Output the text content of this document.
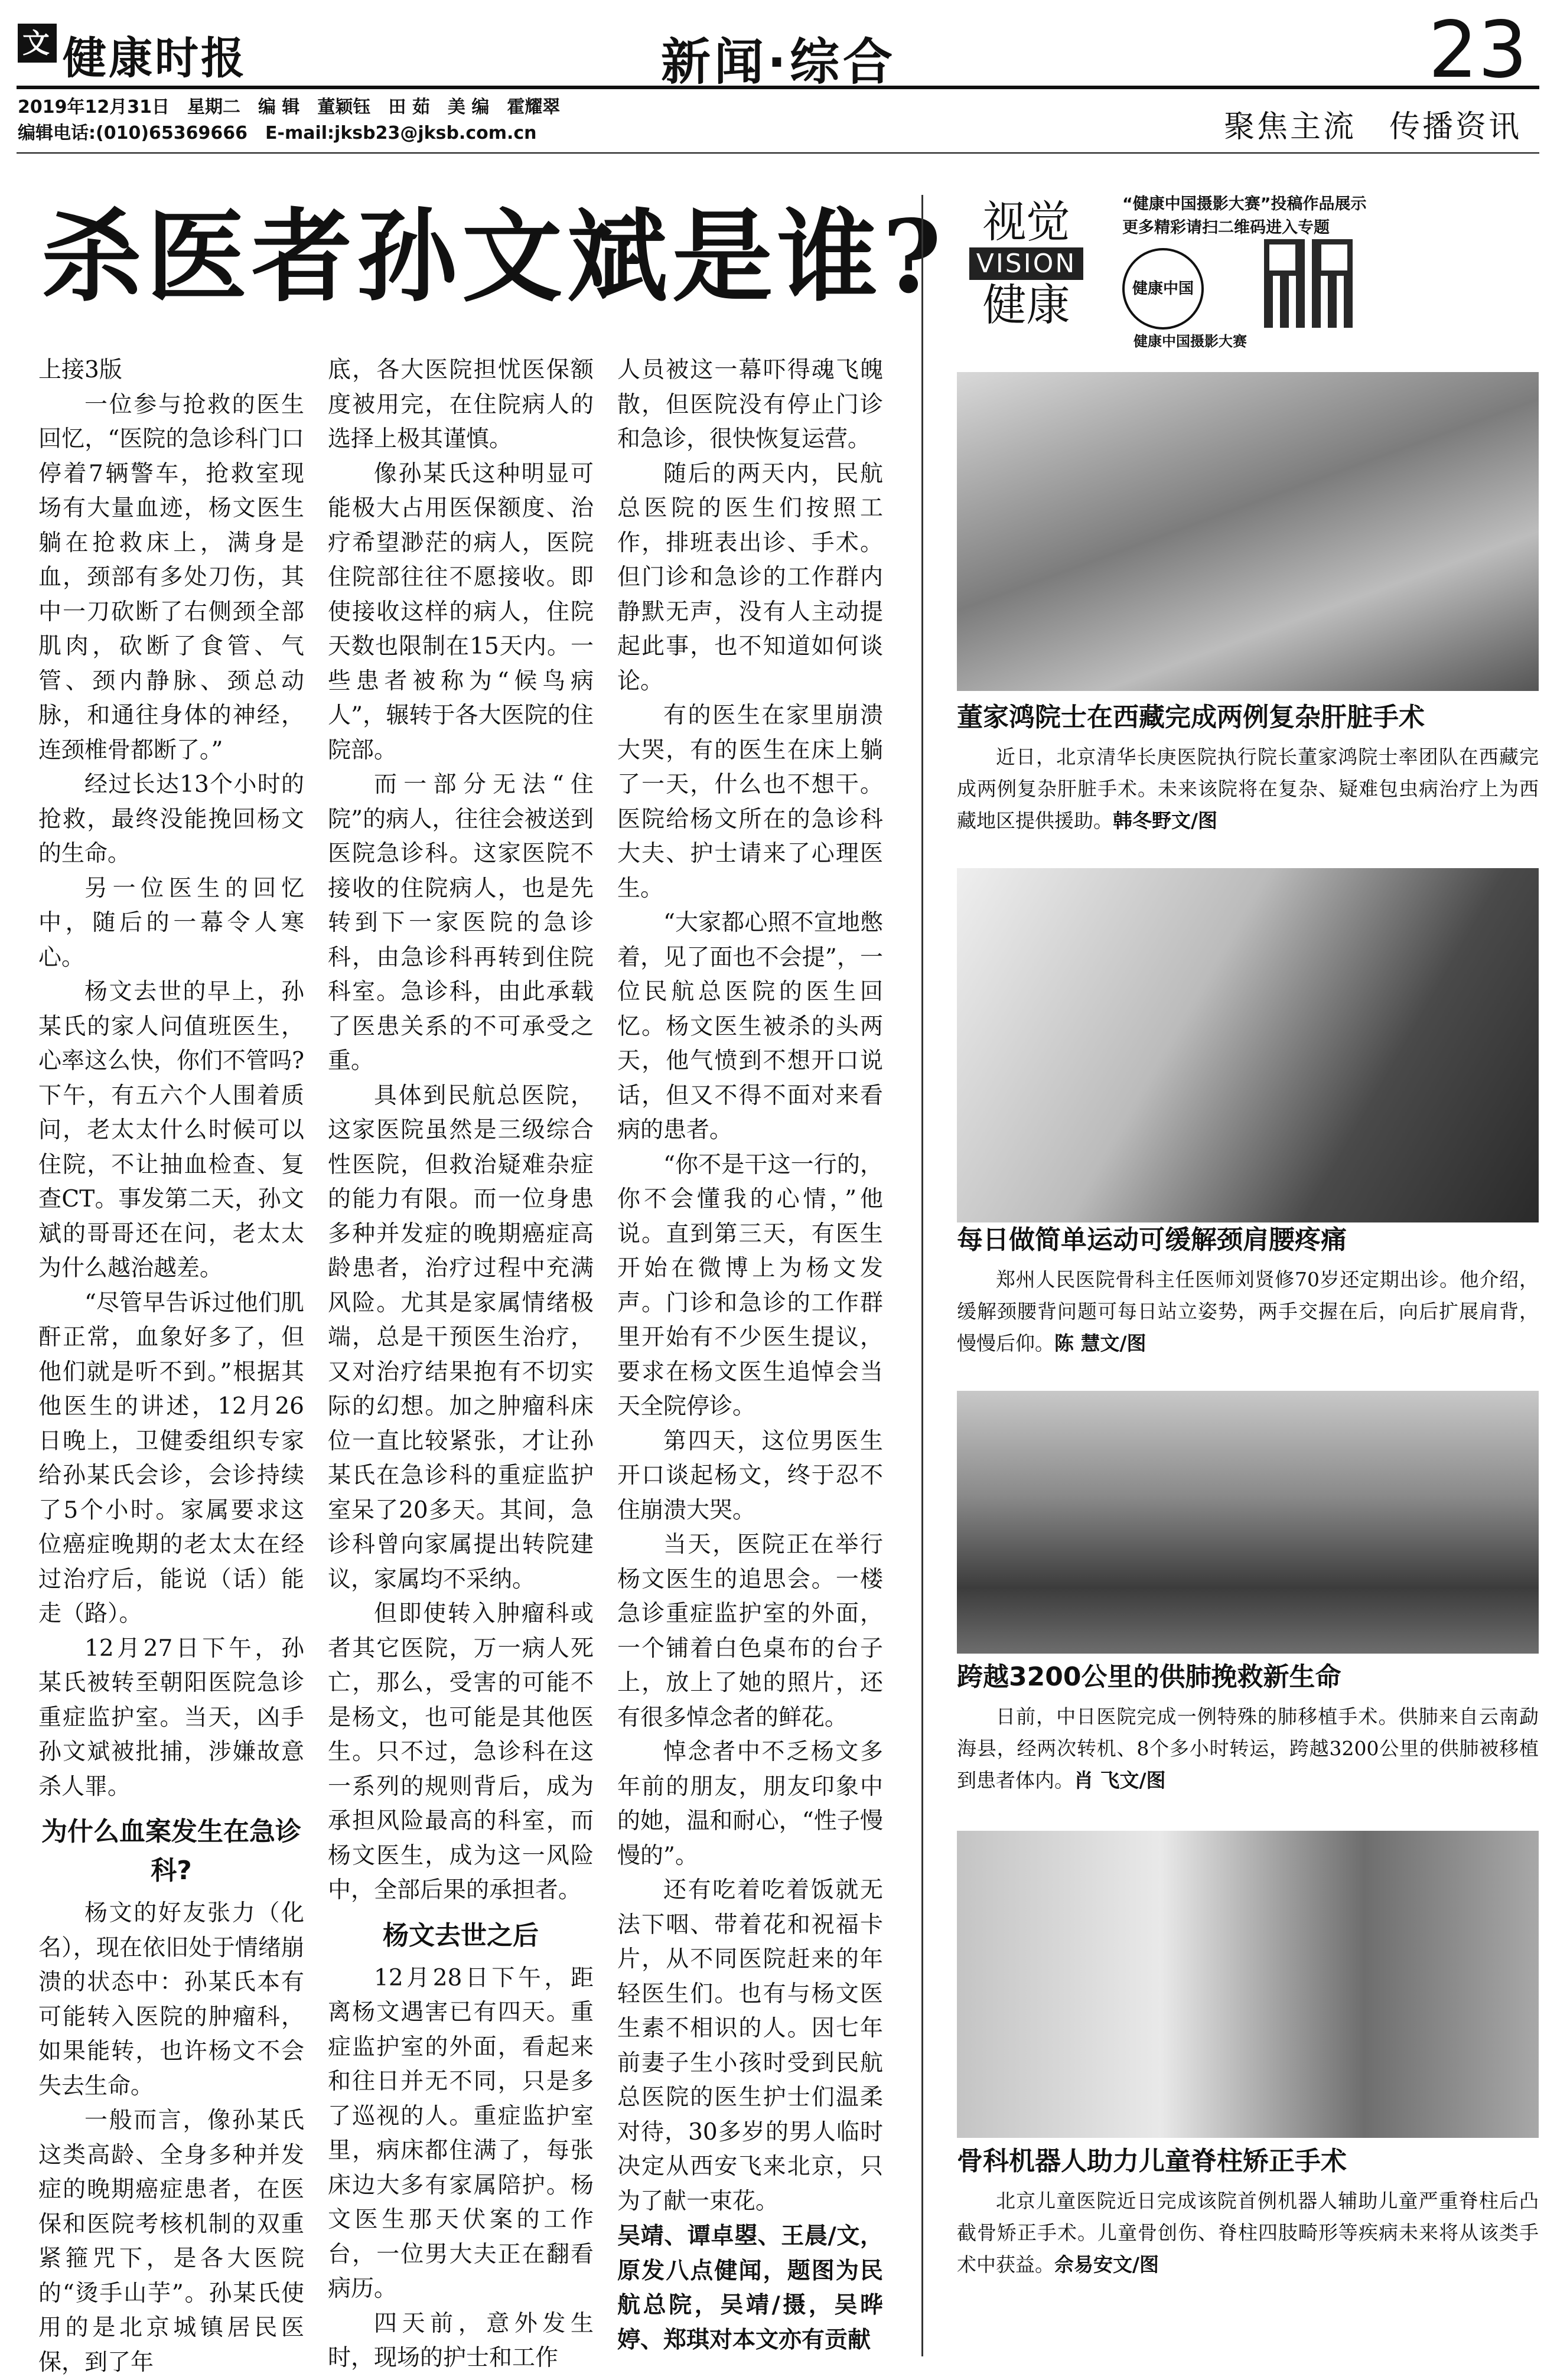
文 健康时报	新闻·综合	23
2019年12月31日　星期二　编 辑　董颖钰　田 茹　美 编　霍耀翠
编辑电话:(010)65369666　E-mail:jksb23@jksb.com.cn	聚焦主流　传播资讯
杀医者孙文斌是谁?

上接3版

一位参与抢救的医生回忆，“医院的急诊科门口停着7辆警车，抢救室现场有大量血迹，杨文医生躺在抢救床上，满身是血，颈部有多处刀伤，其中一刀砍断了右侧颈全部肌肉，砍断了食管、气管、颈内静脉、颈总动脉，和通往身体的神经，连颈椎骨都断了。”

经过长达13个小时的抢救，最终没能挽回杨文的生命。

另一位医生的回忆中，随后的一幕令人寒心。

杨文去世的早上，孙某氏的家人问值班医生，心率这么快，你们不管吗?下午，有五六个人围着质问，老太太什么时候可以住院，不让抽血检查、复查CT。事发第二天，孙文斌的哥哥还在问，老太太为什么越治越差。

“尽管早告诉过他们肌酐正常，血象好多了，但他们就是听不到。”根据其他医生的讲述，12月26日晚上，卫健委组织专家给孙某氏会诊，会诊持续了5个小时。家属要求这位癌症晚期的老太太在经过治疗后，能说（话）能走（路）。

12月27日下午，孙某氏被转至朝阳医院急诊重症监护室。当天，凶手孙文斌被批捕，涉嫌故意杀人罪。

为什么血案发生在急诊科?

杨文的好友张力（化名），现在依旧处于情绪崩溃的状态中：孙某氏本有可能转入医院的肿瘤科，如果能转，也许杨文不会失去生命。

一般而言，像孙某氏这类高龄、全身多种并发症的晚期癌症患者，在医保和医院考核机制的双重紧箍咒下，是各大医院的“烫手山芋”。孙某氏使用的是北京城镇居民医保，到了年

底，各大医院担忧医保额度被用完，在住院病人的选择上极其谨慎。

像孙某氏这种明显可能极大占用医保额度、治疗希望渺茫的病人，医院住院部往往不愿接收。即使接收这样的病人，住院天数也限制在15天内。一些患者被称为“候鸟病人”，辗转于各大医院的住院部。

而一部分无法“住院”的病人，往往会被送到医院急诊科。这家医院不接收的住院病人，也是先转到下一家医院的急诊科，由急诊科再转到住院科室。急诊科，由此承载了医患关系的不可承受之重。

具体到民航总医院，这家医院虽然是三级综合性医院，但救治疑难杂症的能力有限。而一位身患多种并发症的晚期癌症高龄患者，治疗过程中充满风险。尤其是家属情绪极端，总是干预医生治疗，又对治疗结果抱有不切实际的幻想。加之肿瘤科床位一直比较紧张，才让孙某氏在急诊科的重症监护室呆了20多天。其间，急诊科曾向家属提出转院建议，家属均不采纳。

但即使转入肿瘤科或者其它医院，万一病人死亡，那么，受害的可能不是杨文，也可能是其他医生。只不过，急诊科在这一系列的规则背后，成为承担风险最高的科室，而杨文医生，成为这一风险中，全部后果的承担者。

杨文去世之后

12月28日下午，距离杨文遇害已有四天。重症监护室的外面，看起来和往日并无不同，只是多了巡视的人。重症监护室里，病床都住满了，每张床边大多有家属陪护。杨文医生那天伏案的工作台，一位男大夫正在翻看病历。

四天前，意外发生时，现场的护士和工作

人员被这一幕吓得魂飞魄散，但医院没有停止门诊和急诊，很快恢复运营。

随后的两天内，民航总医院的医生们按照工作，排班表出诊、手术。但门诊和急诊的工作群内静默无声，没有人主动提起此事，也不知道如何谈论。

有的医生在家里崩溃大哭，有的医生在床上躺了一天，什么也不想干。医院给杨文所在的急诊科大夫、护士请来了心理医生。

“大家都心照不宣地憋着，见了面也不会提”，一位民航总医院的医生回忆。杨文医生被杀的头两天，他气愤到不想开口说话，但又不得不面对来看病的患者。

“你不是干这一行的，你不会懂我的心情，”他说。直到第三天，有医生开始在微博上为杨文发声。门诊和急诊的工作群里开始有不少医生提议，要求在杨文医生追悼会当天全院停诊。

第四天，这位男医生开口谈起杨文，终于忍不住崩溃大哭。

当天，医院正在举行杨文医生的追思会。一楼急诊重症监护室的外面，一个铺着白色桌布的台子上，放上了她的照片，还有很多悼念者的鲜花。

悼念者中不乏杨文多年前的朋友，朋友印象中的她，温和耐心，“性子慢慢的”。

还有吃着吃着饭就无法下咽、带着花和祝福卡片，从不同医院赶来的年轻医生们。也有与杨文医生素不相识的人。因七年前妻子生小孩时受到民航总医院的医生护士们温柔对待，30多岁的男人临时决定从西安飞来北京，只为了献一束花。

吴靖、谭卓曌、王晨/文，原发八点健闻，题图为民航总院，吴靖/摄，吴晔婷、郑琪对本文亦有贡献

视觉
VISION
健康
“健康中国摄影大赛”投稿作品展示
更多精彩请扫二维码进入专题
健康中国
健康中国摄影大赛
董家鸿院士在西藏完成两例复杂肝脏手术
近日，北京清华长庚医院执行院长董家鸿院士率团队在西藏完成两例复杂肝脏手术。未来该院将在复杂、疑难包虫病治疗上为西藏地区提供援助。韩冬野文/图
每日做简单运动可缓解颈肩腰疼痛
郑州人民医院骨科主任医师刘贤修70岁还定期出诊。他介绍，缓解颈腰背问题可每日站立姿势，两手交握在后，向后扩展肩背，慢慢后仰。陈 慧文/图
跨越3200公里的供肺挽救新生命
日前，中日医院完成一例特殊的肺移植手术。供肺来自云南勐海县，经两次转机、8个多小时转运，跨越3200公里的供肺被移植到患者体内。肖 飞文/图
骨科机器人助力儿童脊柱矫正手术
北京儿童医院近日完成该院首例机器人辅助儿童严重脊柱后凸截骨矫正手术。儿童骨创伤、脊柱四肢畸形等疾病未来将从该类手术中获益。佘易安文/图
